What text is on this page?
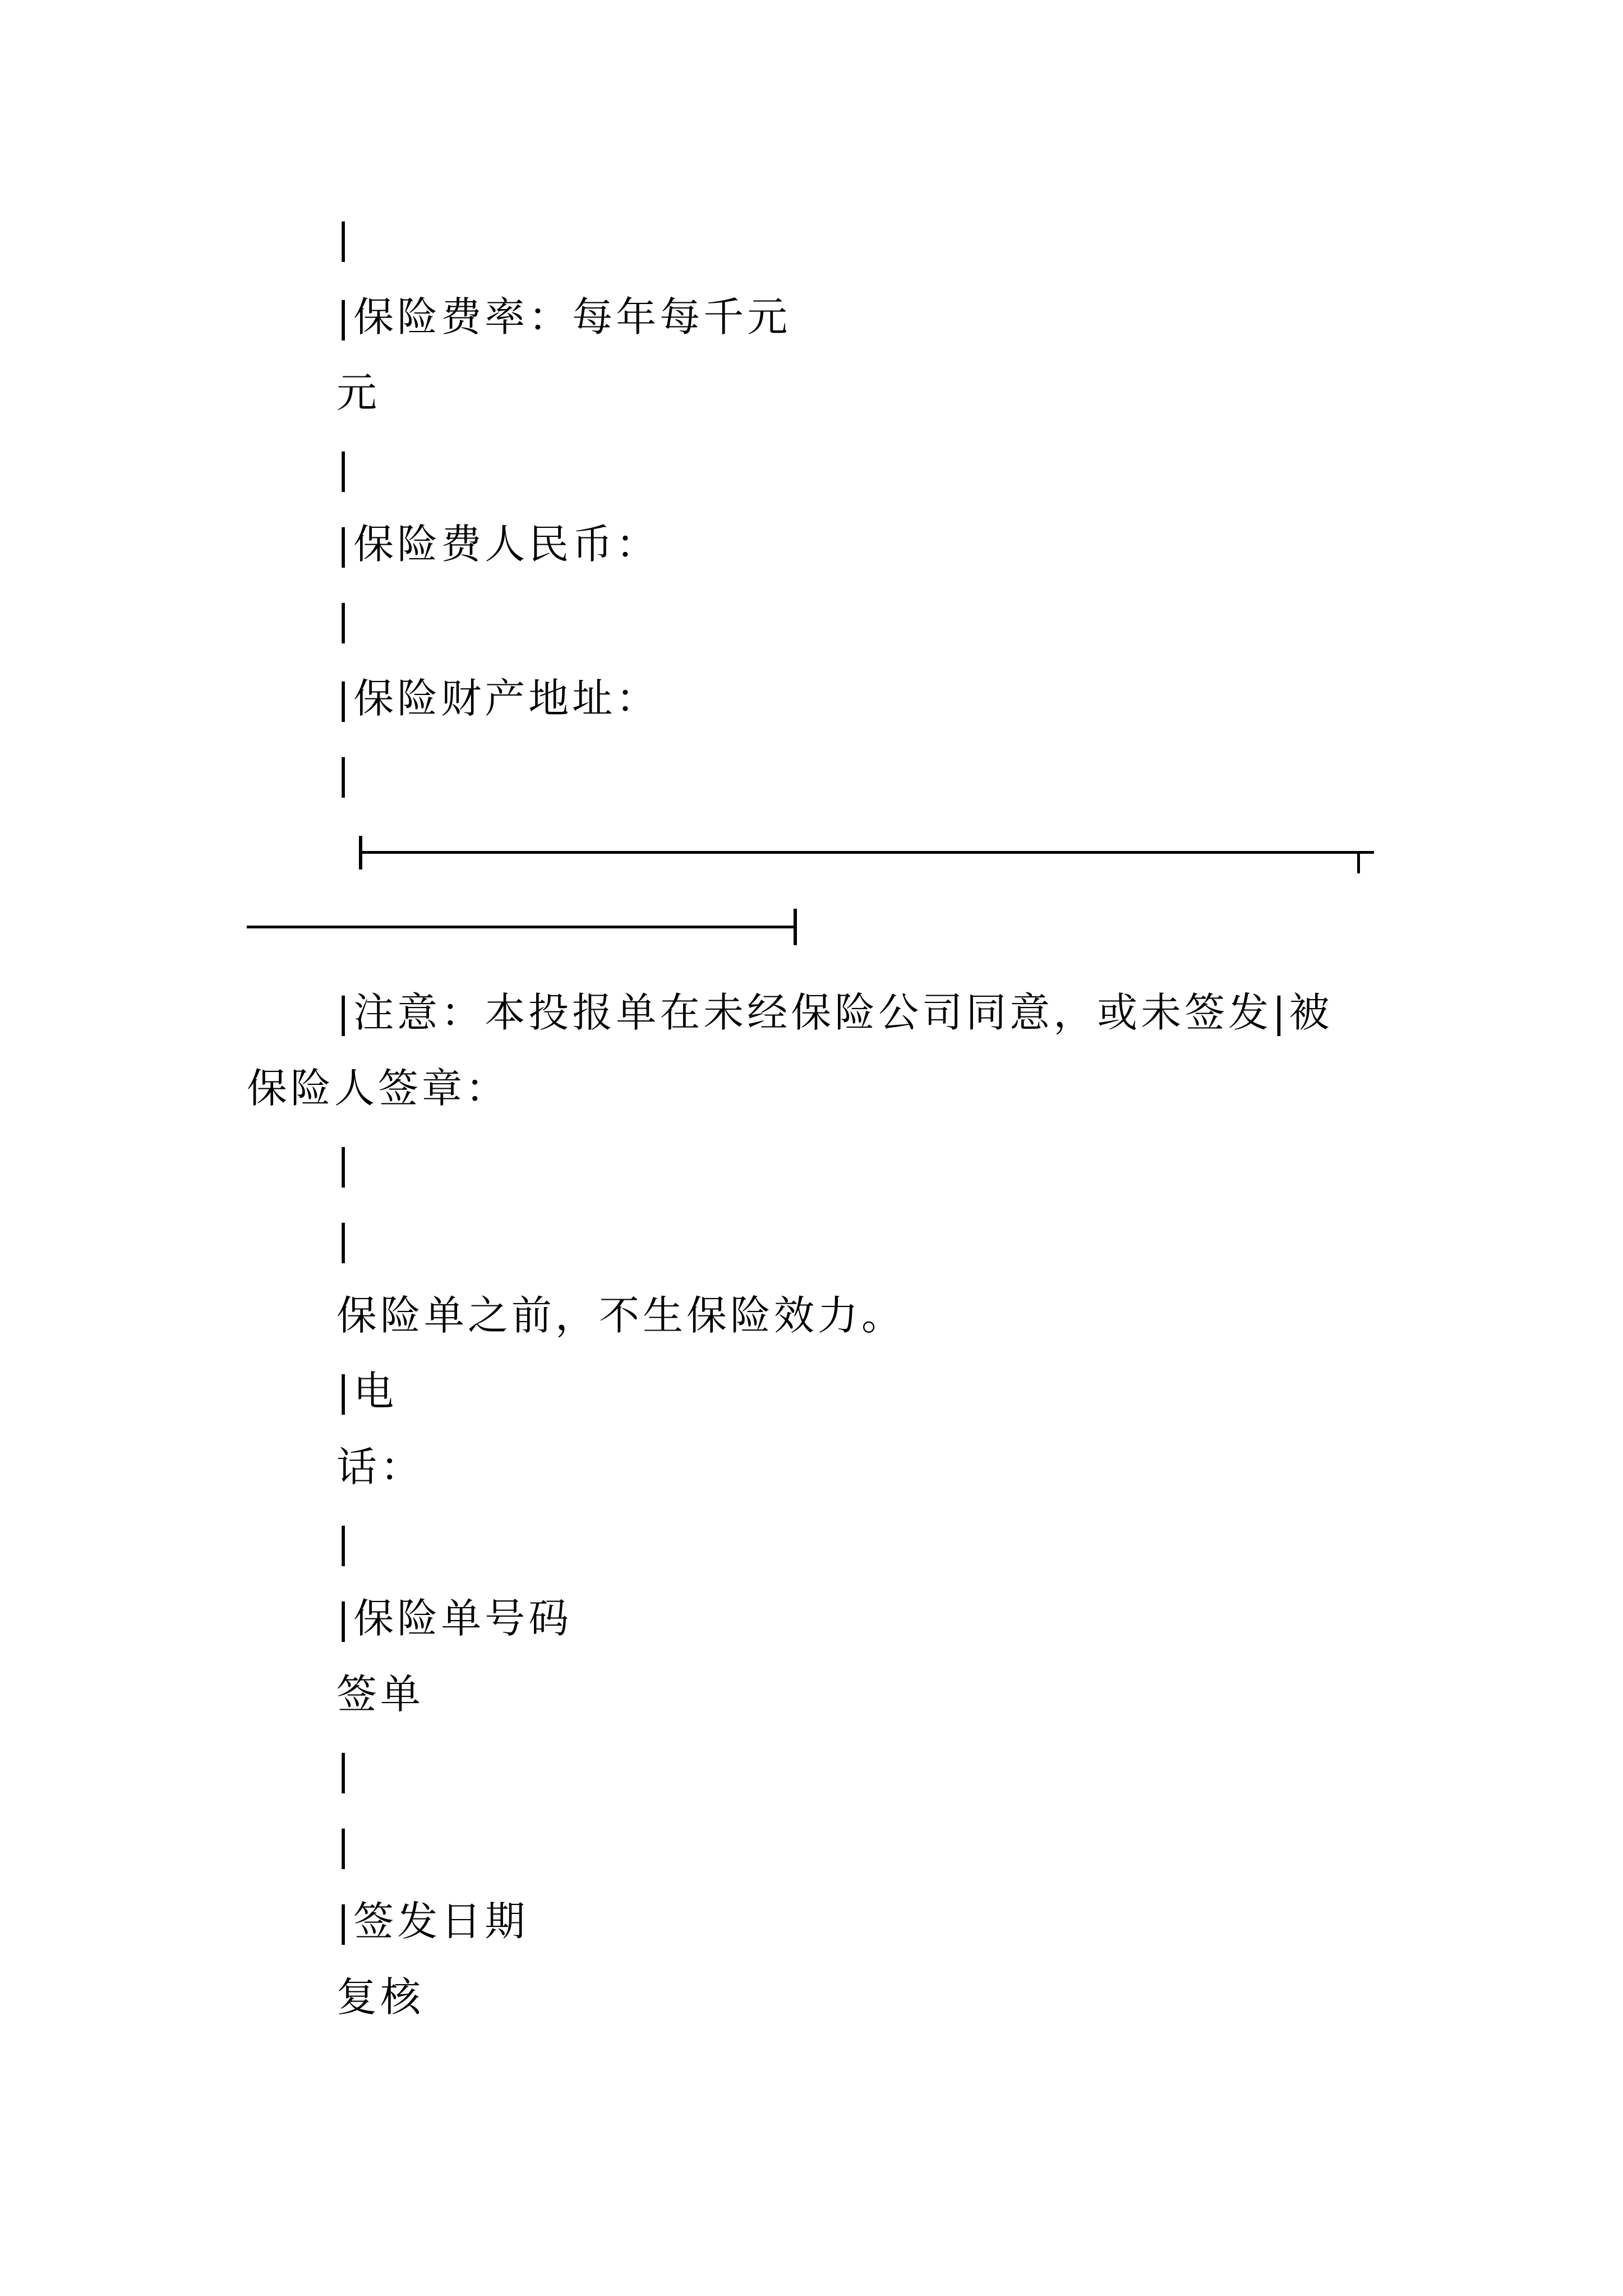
|
|保险费率：每年每千元
元
|
|保险费人民币：
|
|保险财产地址：
|
|注意：本投报单在未经保险公司同意，或未签发|被
保险人签章：
|
|
保险单之前，不生保险效力。
|电
话：
|
|保险单号码
签单
|
|
|签发日期
复核
